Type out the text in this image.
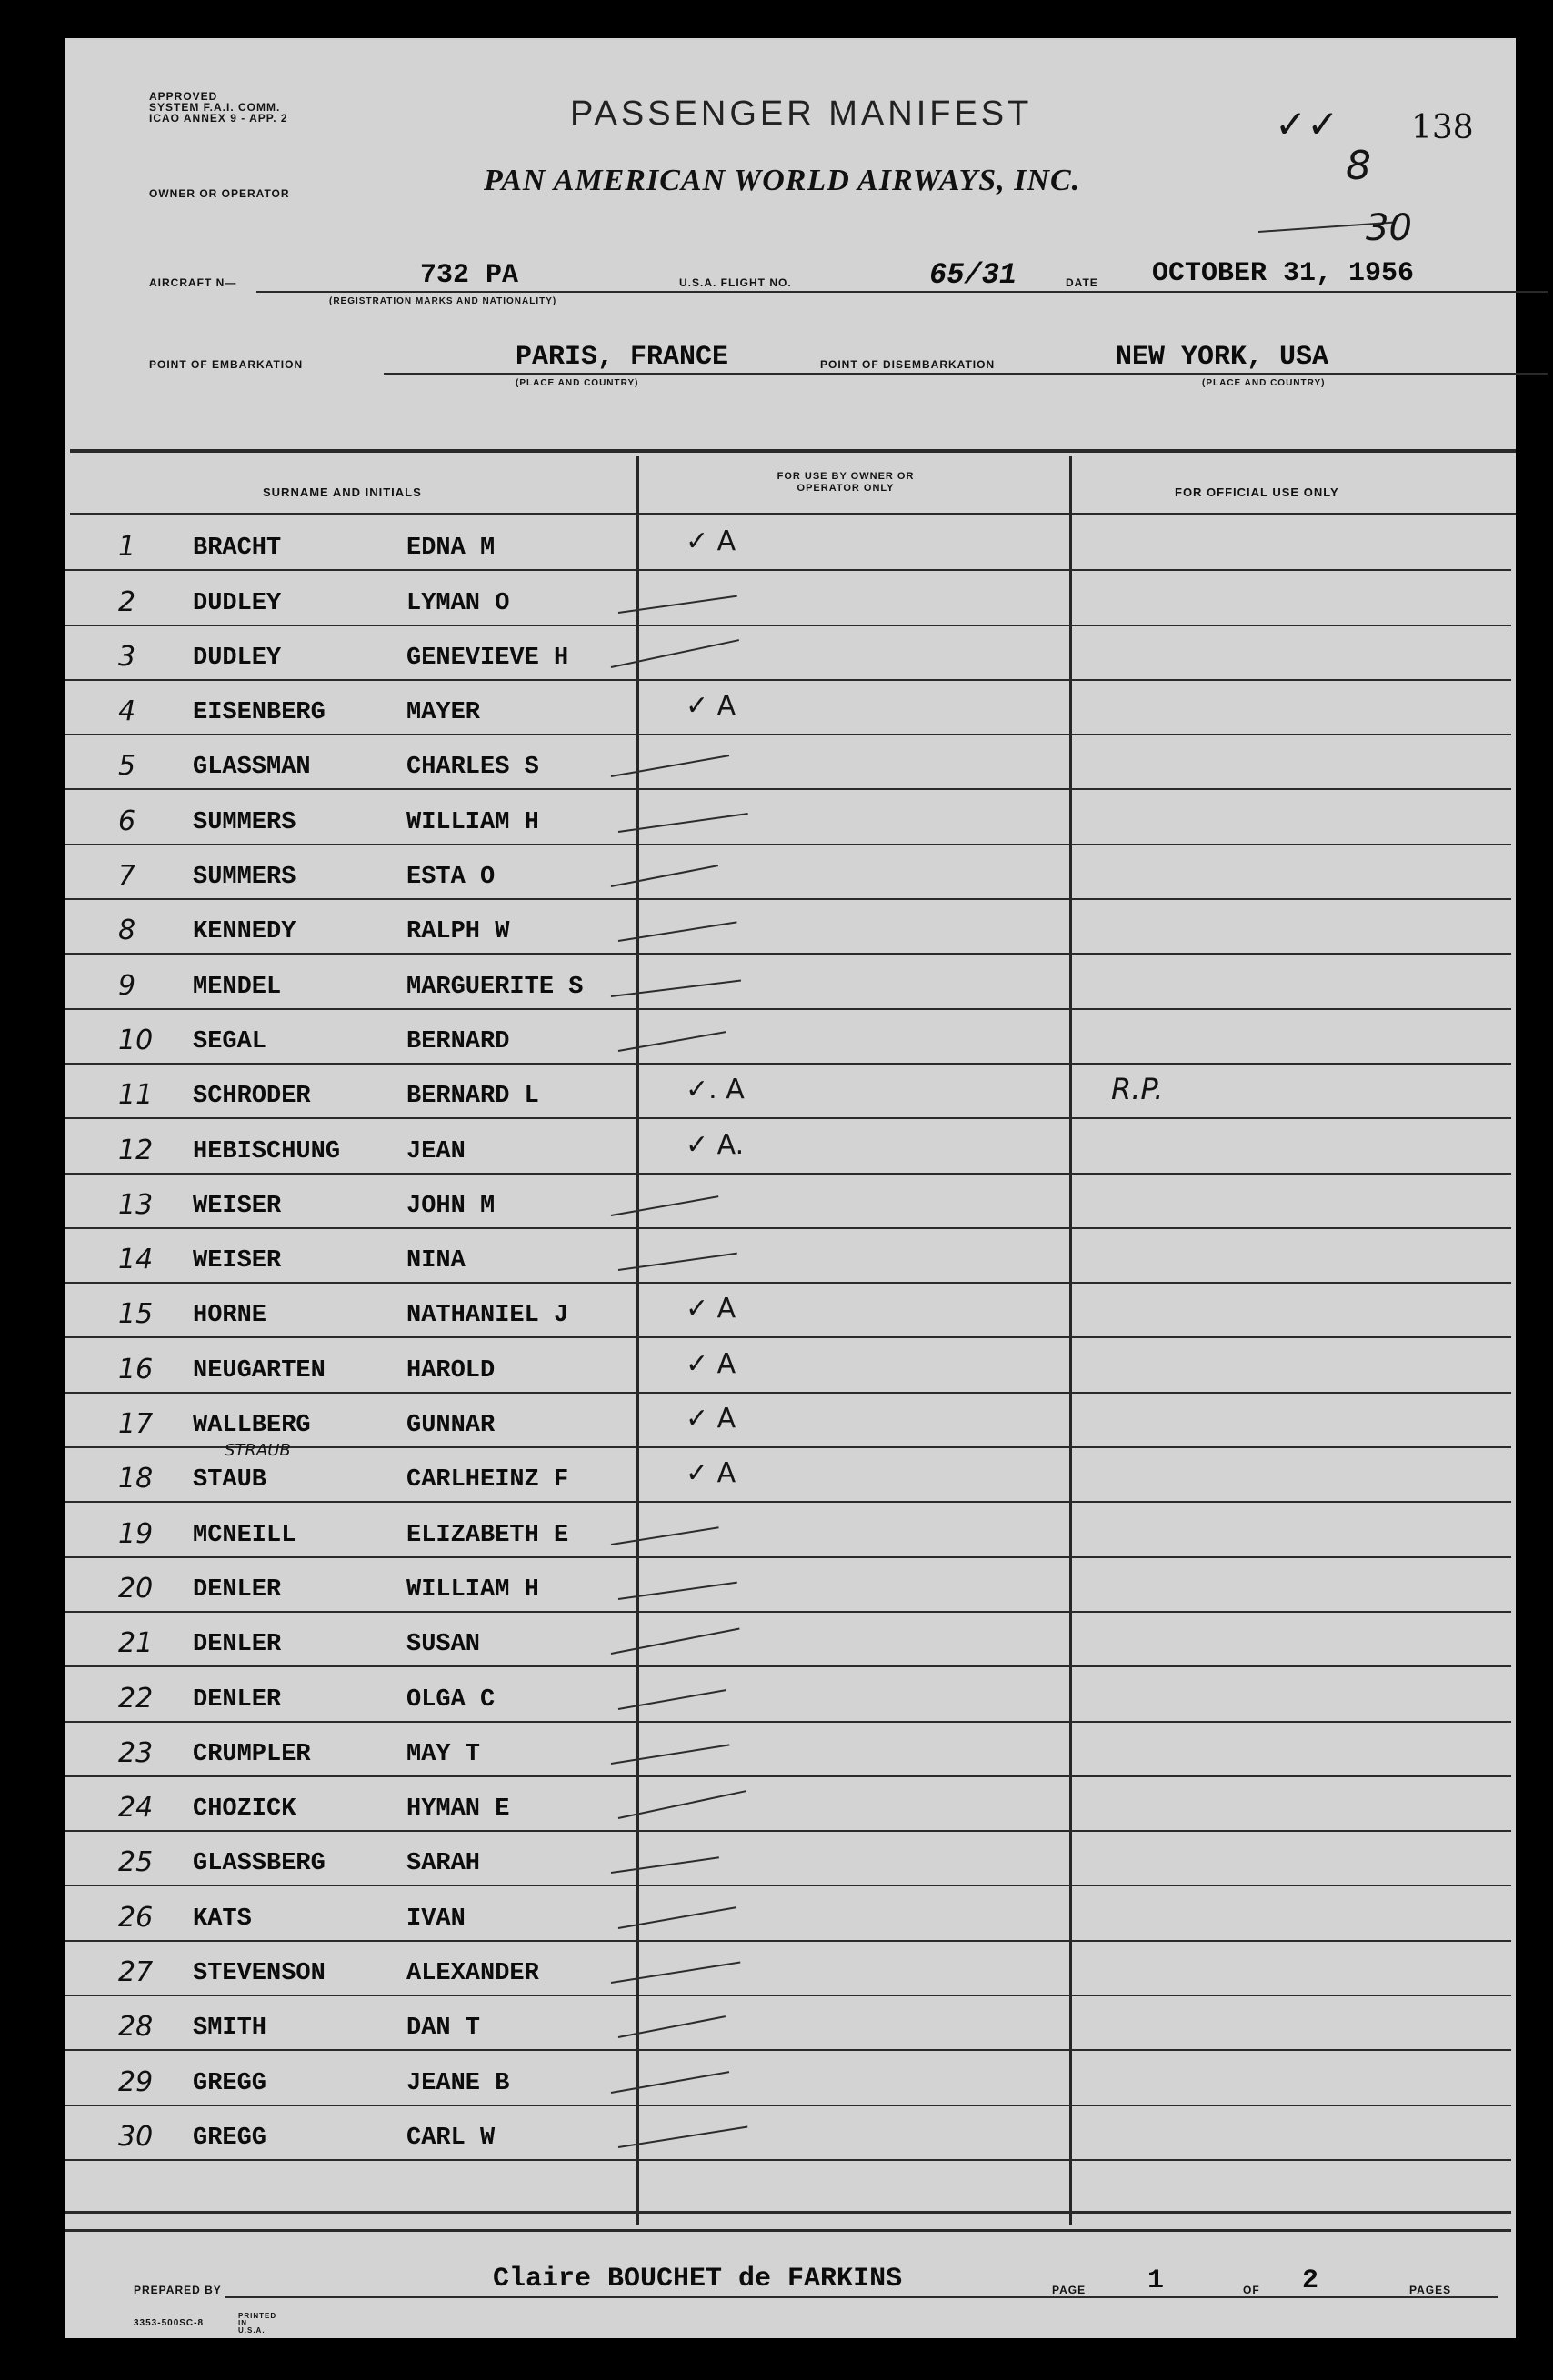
APPROVED
SYSTEM F.A.I. COMM.
ICAO ANNEX 9 - APP. 2	PASSENGER MANIFEST
OWNER OR OPERATOR	PAN AMERICAN WORLD AIRWAYS, INC.
✓✓
8
138
30
AIRCRAFT N—	732 PA
(REGISTRATION MARKS AND NATIONALITY)
U.S.A. FLIGHT NO.	65/31	DATE OCTOBER 31, 1956
POINT OF EMBARKATION	PARIS, FRANCE
(PLACE AND COUNTRY)
POINT OF DISEMBARKATION	NEW YORK, USA
(PLACE AND COUNTRY)
SURNAME AND INITIALS
FOR USE BY OWNER OR OPERATOR ONLY	FOR OFFICIAL USE ONLY
1 BRACHT	EDNA M	✓ A
2 DUDLEY	LYMAN O
3 DUDLEY	GENEVIEVE H
4 EISENBERG	MAYER	✓ A
5 GLASSMAN	CHARLES S
6 SUMMERS	WILLIAM H
7 SUMMERS	ESTA O
8 KENNEDY	RALPH W
9 MENDEL	MARGUERITE S
10 SEGAL	BERNARD
11 SCHRODER	BERNARD L	✓. A	R.P.
12 HEBISCHUNG	JEAN	✓ A.
13 WEISER	JOHN M
14 WEISER	NINA
15 HORNE	NATHANIEL J	✓ A
16 NEUGARTEN	HAROLD	✓ A
17 WALLBERG	GUNNAR	✓ A
18 STAUB	CARLHEINZ F	✓ A
STRAUB
19 MCNEILL	ELIZABETH E
20 DENLER	WILLIAM H
21 DENLER	SUSAN
22 DENLER	OLGA C
23 CRUMPLER	MAY T
24 CHOZICK	HYMAN E
25 GLASSBERG	SARAH
26 KATS	IVAN
27 STEVENSON	ALEXANDER
28 SMITH	DAN T
29 GREGG	JEANE B
30 GREGG	CARL W
PREPARED BY	Claire BOUCHET de FARKINS	PAGE 1	OF 2	PAGES
3353-500SC-8
PRINTED IN U.S.A.
